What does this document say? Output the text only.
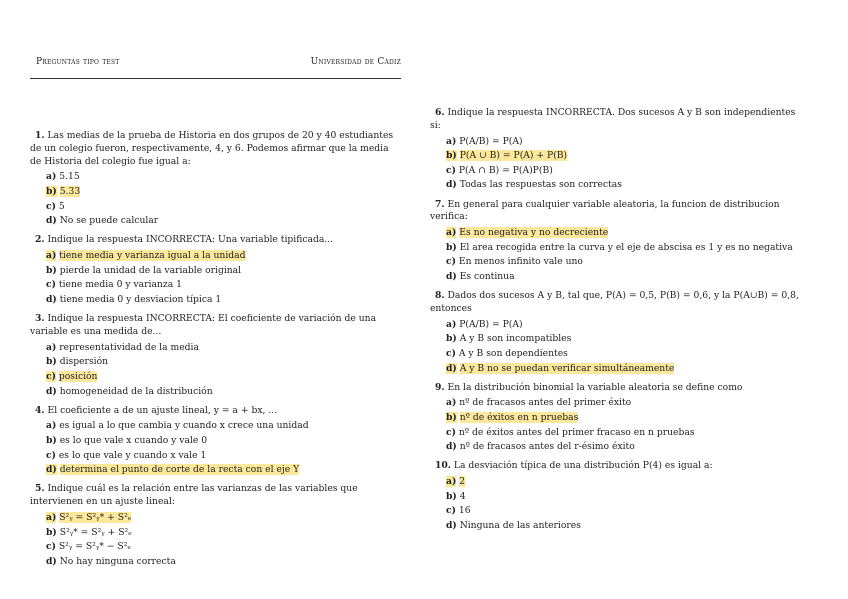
Preguntas tipo test	Universidad de Cádiz
1. Las medias de la prueba de Historia en dos grupos de 20 y 40 estudiantes de un colegio fueron, respectivamente, 4, y 6. Podemos afirmar que la media de Historia del colegio fue igual a:
a) 5.15
b) 5.33
c) 5
d) No se puede calcular
2. Indique la respuesta INCORRECTA: Una variable tipificada...
a) tiene media y varianza igual a la unidad
b) pierde la unidad de la variable original
c) tiene media 0 y varianza 1
d) tiene media 0 y desviacion típica 1
3. Indique la respuesta INCORRECTA: El coeficiente de variación de una variable es una medida de...
a) representatividad de la media
b) dispersión
c) posición
d) homogeneidad de la distribución
4. El coeficiente a de un ajuste lineal, y = a + bx, ...
a) es igual a lo que cambia y cuando x crece una unidad
b) es lo que vale x cuando y vale 0
c) es lo que vale y cuando x vale 1
d) determina el punto de corte de la recta con el eje Y
5. Indique cuál es la relación entre las varianzas de las variables que intervienen en un ajuste lineal:
a) S²ᵧ = S²ᵧ* + S²ₑ
b) S²ᵧ* = S²ᵧ + S²ₑ
c) S²ᵧ = S²ᵧ* − S²ₑ
d) No hay ninguna correcta
6. Indique la respuesta INCORRECTA. Dos sucesos A y B son independientes si:
a) P(A/B) = P(A)
b) P(A ∪ B) = P(A) + P(B)
c) P(A ∩ B) = P(A)P(B)
d) Todas las respuestas son correctas
7. En general para cualquier variable aleatoria, la funcion de distribucion verifica:
a) Es no negativa y no decreciente
b) El area recogida entre la curva y el eje de abscisa es 1 y es no negativa
c) En menos infinito vale uno
d) Es continua
8. Dados dos sucesos A y B, tal que, P(A) = 0,5, P(B) = 0,6, y la P(A∪B) = 0,8, entonces
a) P(A/B) = P(A)
b) A y B son incompatibles
c) A y B son dependientes
d) A y B no se puedan verificar simultáneamente
9. En la distribución binomial la variable aleatoria se define como
a) nº de fracasos antes del primer éxito
b) nº de éxitos en n pruebas
c) nº de éxitos antes del primer fracaso en n pruebas
d) nº de fracasos antes del r-ésimo éxito
10. La desviación típica de una distribución P(4) es igual a:
a) 2
b) 4
c) 16
d) Ninguna de las anteriores
